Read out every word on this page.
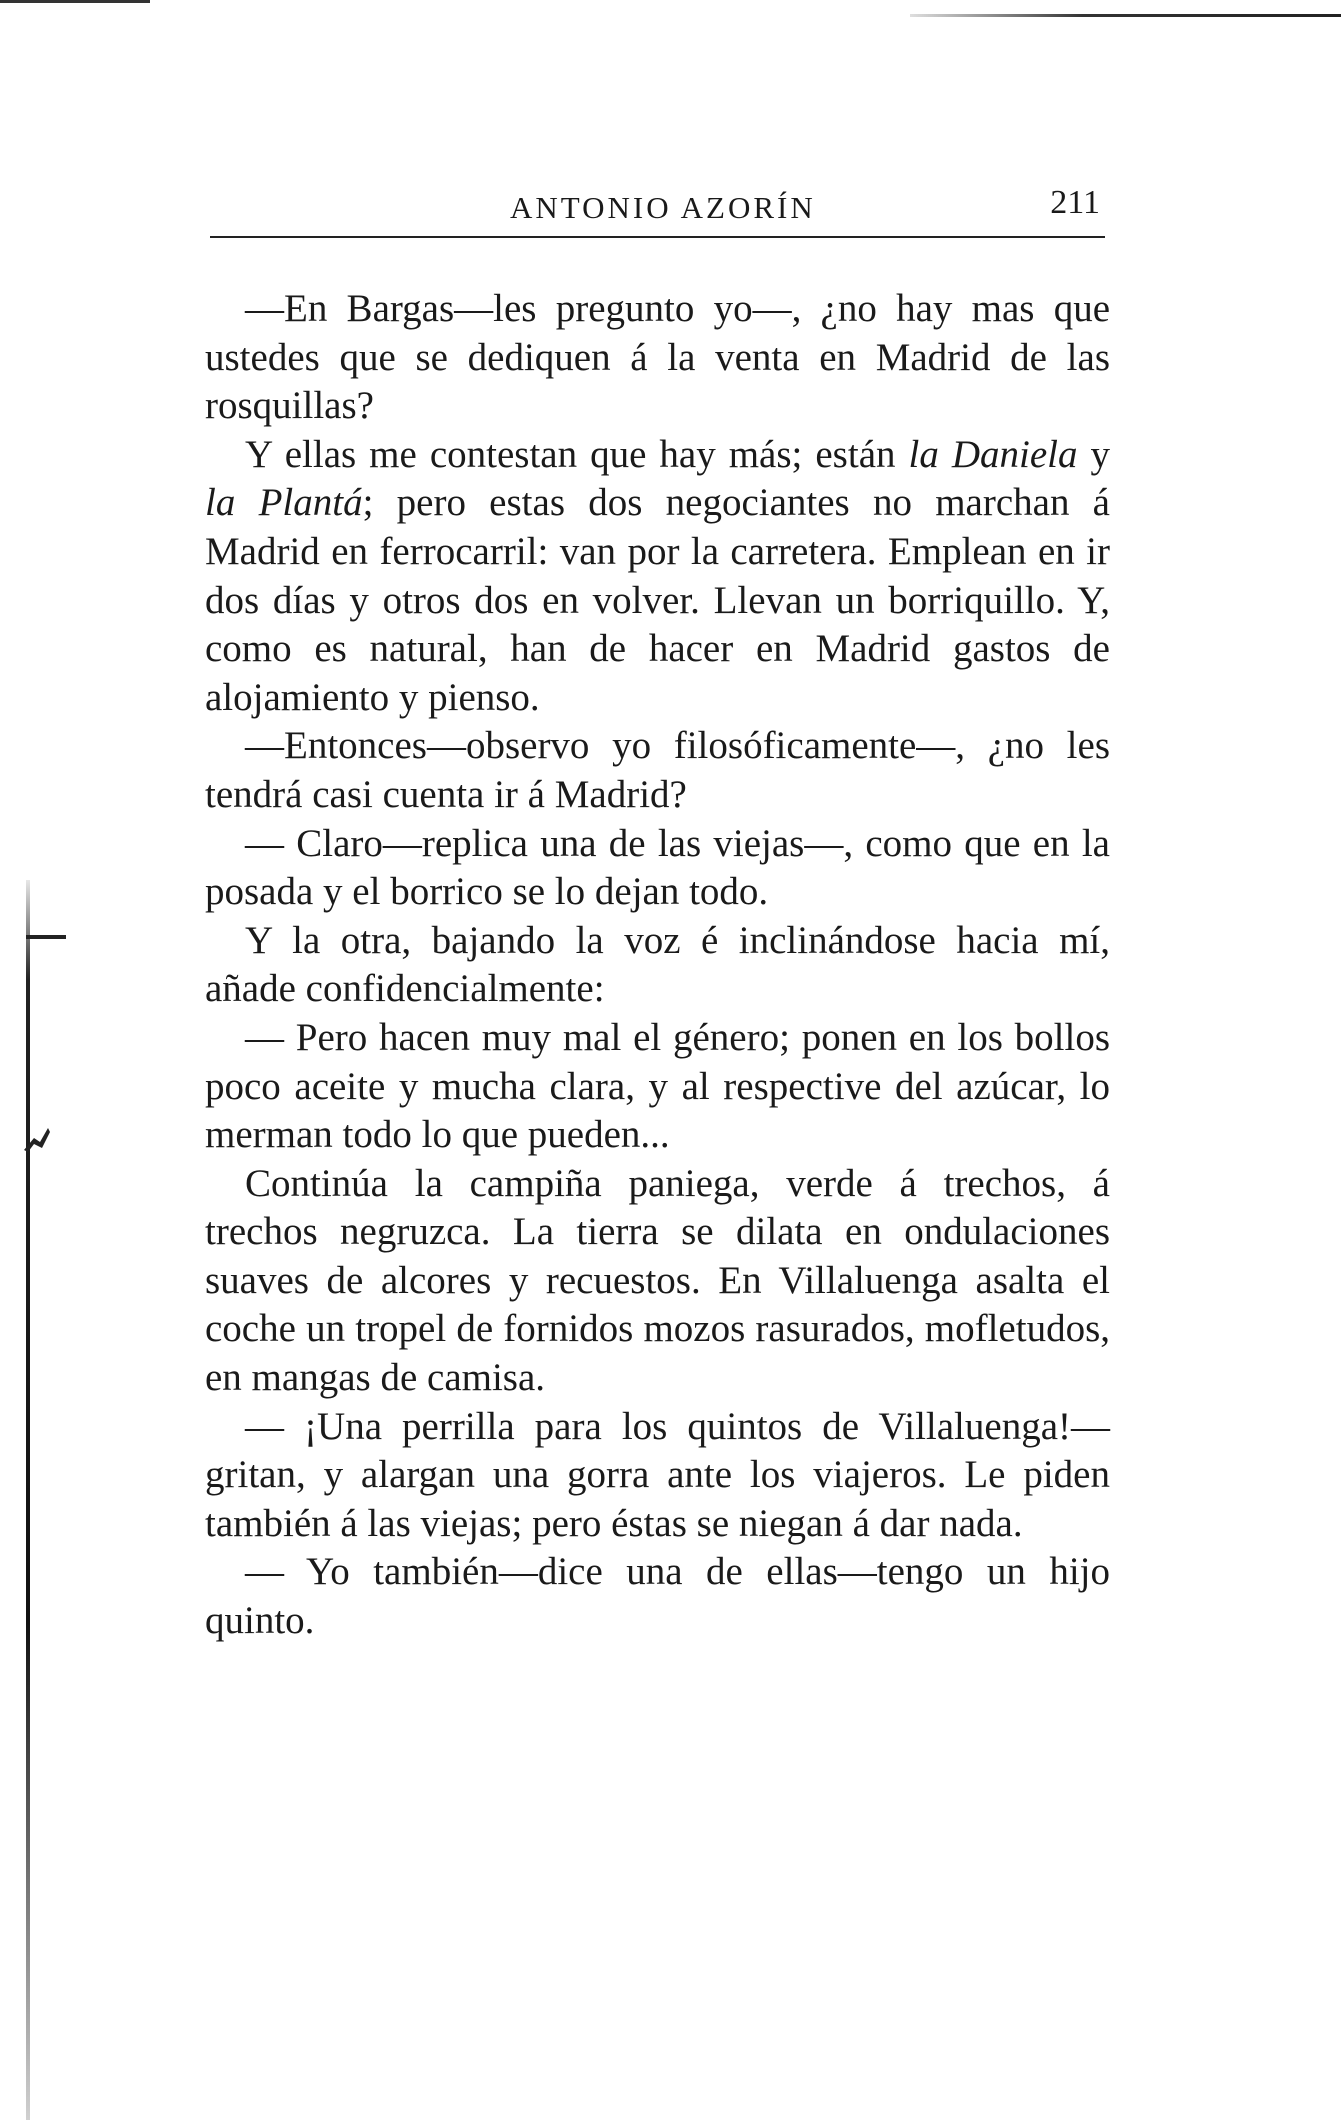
ANTONIO AZORÍN	211

—En Bargas—les pregunto yo—, ¿no hay mas que ustedes que se dediquen á la venta en Madrid de las rosquillas?

Y ellas me contestan que hay más; están la Daniela y la Plantá; pero estas dos negociantes no marchan á Madrid en ferrocarril: van por la carretera. Emplean en ir dos días y otros dos en volver. Llevan un borriquillo. Y, como es natural, han de hacer en Madrid gastos de alojamiento y pienso.

—Entonces—observo yo filosóficamente—, ¿no les tendrá casi cuenta ir á Madrid?

— Claro—replica una de las viejas—, como que en la posada y el borrico se lo dejan todo.

Y la otra, bajando la voz é inclinándose hacia mí, añade confidencialmente:

— Pero hacen muy mal el género; ponen en los bollos poco aceite y mucha clara, y al respective del azúcar, lo merman todo lo que pueden...

Continúa la campiña paniega, verde á trechos, á trechos negruzca. La tierra se dilata en ondulaciones suaves de alcores y recuestos. En Villaluenga asalta el coche un tropel de fornidos mozos rasurados, mofletudos, en mangas de camisa.

— ¡Una perrilla para los quintos de Villaluenga!—gritan, y alargan una gorra ante los viajeros. Le piden también á las viejas; pero éstas se niegan á dar nada.

— Yo también—dice una de ellas—tengo un hijo quinto.
